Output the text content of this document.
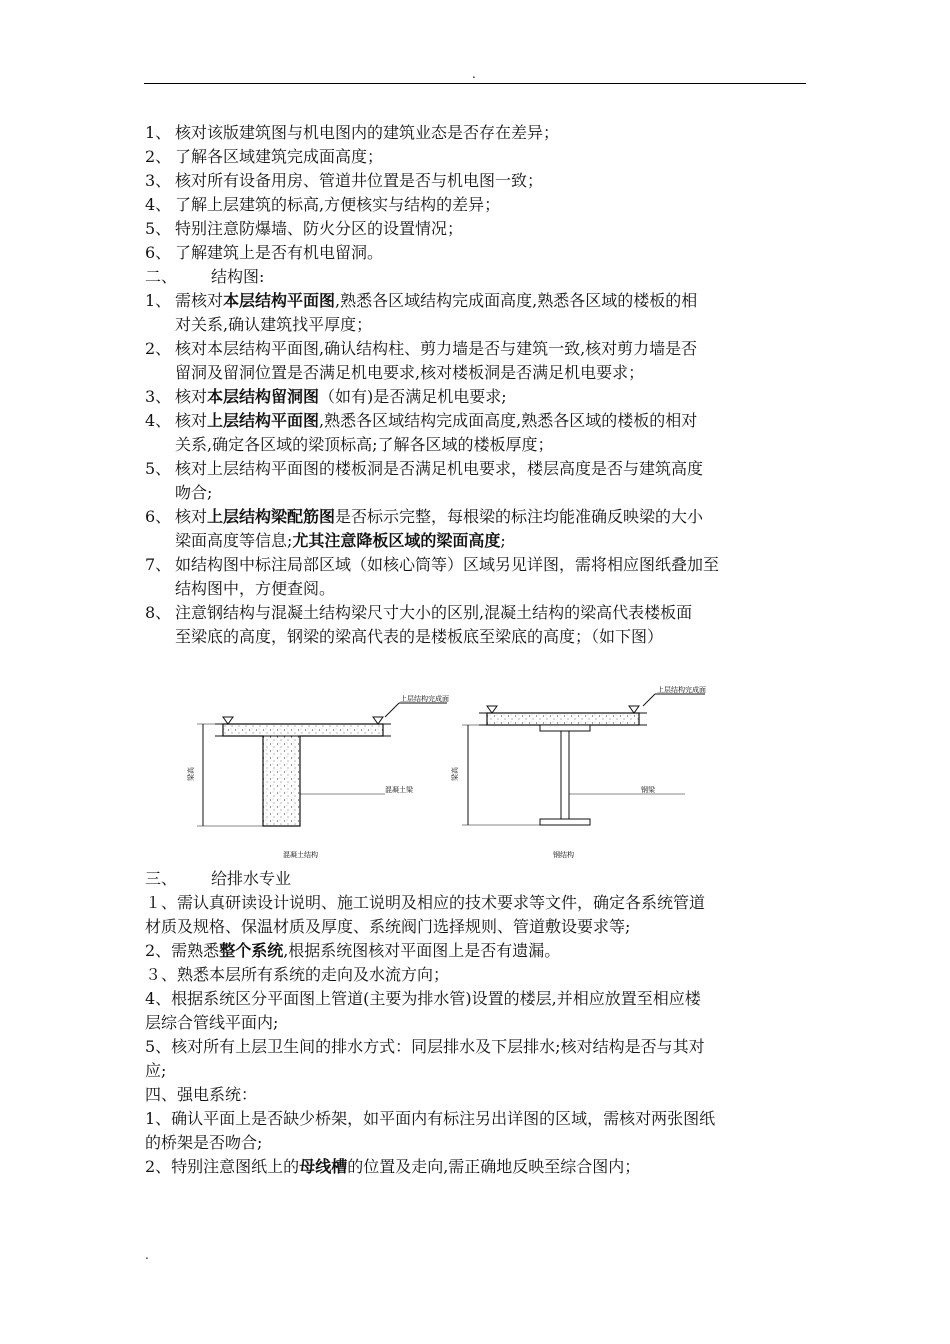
.
1、 核对该版建筑图与机电图内的建筑业态是否存在差异；
2、 了解各区域建筑完成面高度；
3、 核对所有设备用房、管道井位置是否与机电图一致；
4、 了解上层建筑的标高,方便核实与结构的差异；
5、 特别注意防爆墙、防火分区的设置情况；
6、 了解建筑上是否有机电留洞。
二、 结构图:
1、 需核对本层结构平面图,熟悉各区域结构完成面高度,熟悉各区域的楼板的相
对关系,确认建筑找平厚度；
2、 核对本层结构平面图,确认结构柱、剪力墙是否与建筑一致,核对剪力墙是否
留洞及留洞位置是否满足机电要求,核对楼板洞是否满足机电要求；
3、 核对本层结构留洞图（如有)是否满足机电要求;
4、 核对上层结构平面图,熟悉各区域结构完成面高度,熟悉各区域的楼板的相对
关系,确定各区域的梁顶标高;了解各区域的楼板厚度；
5、 核对上层结构平面图的楼板洞是否满足机电要求，楼层高度是否与建筑高度
吻合;
6、 核对上层结构梁配筋图是否标示完整，每根梁的标注均能准确反映梁的大小
梁面高度等信息;尤其注意降板区域的梁面高度;
7、 如结构图中标注局部区域（如核心筒等）区域另见详图，需将相应图纸叠加至
结构图中，方便查阅。
8、 注意钢结构与混凝土结构梁尺寸大小的区别,混凝土结构的梁高代表楼板面
至梁底的高度，钢梁的梁高代表的是楼板底至梁底的高度；（如下图）
三、 给排水专业
１、需认真研读设计说明、施工说明及相应的技术要求等文件，确定各系统管道
材质及规格、保温材质及厚度、系统阀门选择规则、管道敷设要求等;
2、需熟悉整个系统,根据系统图核对平面图上是否有遗漏。
３、熟悉本层所有系统的走向及水流方向；
4、根据系统区分平面图上管道(主要为排水管)设置的楼层,并相应放置至相应楼
层综合管线平面内;
5、核对所有上层卫生间的排水方式：同层排水及下层排水;核对结构是否与其对
应;
四、强电系统：
1、确认平面上是否缺少桥架，如平面内有标注另出详图的区域，需核对两张图纸
的桥架是否吻合;
2、特别注意图纸上的母线槽的位置及走向,需正确地反映至综合图内；
上层结构完成面
梁高
混凝土梁
混凝土结构
上层结构完成面
梁高
钢梁
钢结构
.
